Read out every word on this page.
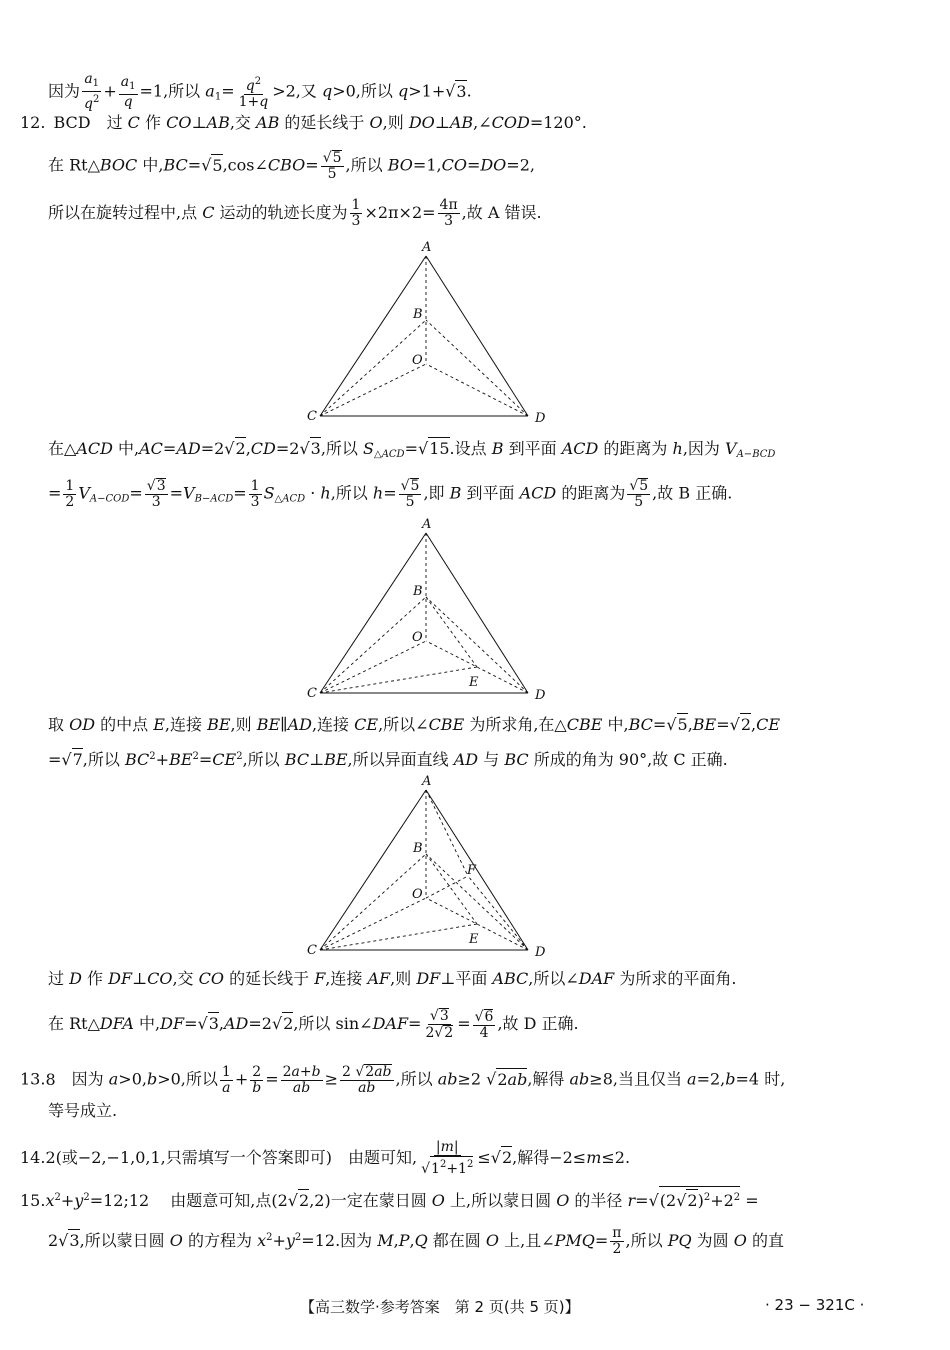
因为 $\frac{a_1}{q^2} + \frac{a_1}{q} =1$,所以 $a_1= \frac{q^2}{1+q} >2$,又 q>0,所以 q>1+√3.
12. BCD 过 C 作 CO⊥AB,交 AB 的延长线于 O,则 DO⊥AB,∠COD=120°.
在 Rt△BOC 中,BC=√5,cos∠CBO= $\frac{√5}{5}$ ,所以 BO=1,CO=DO=2,
所以在旋转过程中,点 C 运动的轨迹长度为 $\frac{1}{3} \times 2\pi\times 2= \frac{4\pi}{3}$ ,故 A 错误.
A
B
O
C	D
在△ACD 中,AC=AD=2√2,CD=2√3,所以 $S_{\triangle ACD}=√15$.设点 B 到平面 ACD 的距离为 h,因为 $V_{A-BCD}$
= $\frac{1}{2} V_{A-COD}= \frac{√3}{3} =V_{B-ACD}= \frac{1}{3} S_{\triangle ACD} \cdot h$,所以 $h= \frac{√5}{5}$ ,即 B 到平面 ACD 的距离为 $\frac{√5}{5}$ ,故 B 正确.
A
B
O
C	D
E
取 OD 的中点 E,连接 BE,则 BE∥AD,连接 CE,所以∠CBE 为所求角,在△CBE 中,BC=√5,BE=√2,CE
=√7,所以 $BC^2+BE^2=CE^2$,所以 BC⊥BE,所以异面直线 AD 与 BC 所成的角为 90°,故 C 正确.
A
B
O
C	D
E
F
过 D 作 DF⊥CO,交 CO 的延长线于 F,连接 AF,则 DF⊥平面 ABC,所以∠DAF 为所求的平面角.
在 Rt△DFA 中,DF=√3,AD=2√2,所以 sin∠DAF= $\frac{√3}{2√2} = \frac{√6}{4}$ ,故 D 正确.
13.8 因为 a>0,b>0,所以 $\frac{1}{a} + \frac{2}{b} = \frac{2a+b}{ab} \ge \frac{2 √2ab}{ab}$ ,所以 ab≥2 √2ab,解得 ab≥8,当且仅当 a=2,b=4 时,
等号成立.
14.2(或−2,−1,0,1,只需填写一个答案即可) 由题可知, $\frac{|m|}{√1^2+1^2} \le√2$,解得−2≤m≤2.
$15.x^2+y^2=12;12$ 　由题意可知,点(2√2,2)一定在蒙日圆 O 上,所以蒙日圆 O 的半径 $r=√(2√2)^2+2^2$ =
2√3,所以蒙日圆 O 的方程为 $x^2+y^2=12$.因为 M,P,Q 都在圆 O 上,且∠PMQ= $\frac{\pi}{2}$ ,所以 PQ 为圆 O 的直
【高三数学·参考答案　第 2 页(共 5 页)】	· 23 − 321C ·
